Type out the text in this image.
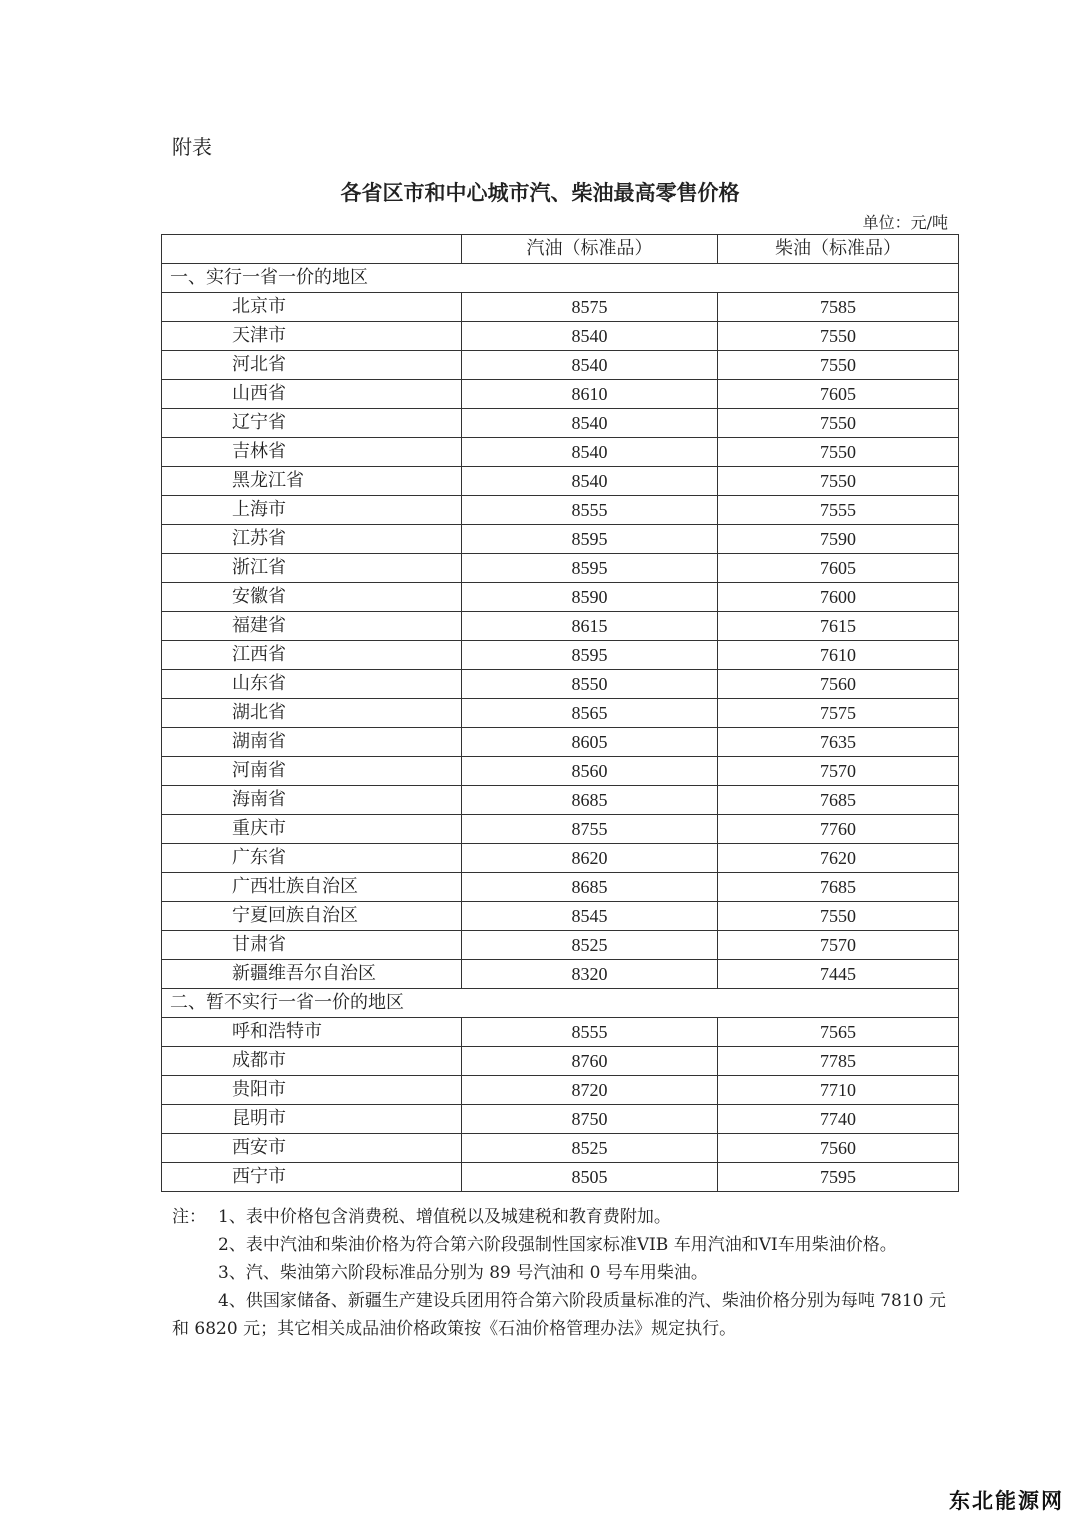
附表
各省区市和中心城市汽、柴油最高零售价格
单位：元/吨
	汽油（标准品）	柴油（标准品）
一、实行一省一价的地区		
北京市	8575	7585
天津市	8540	7550
河北省	8540	7550
山西省	8610	7605
辽宁省	8540	7550
吉林省	8540	7550
黑龙江省	8540	7550
上海市	8555	7555
江苏省	8595	7590
浙江省	8595	7605
安徽省	8590	7600
福建省	8615	7615
江西省	8595	7610
山东省	8550	7560
湖北省	8565	7575
湖南省	8605	7635
河南省	8560	7570
海南省	8685	7685
重庆市	8755	7760
广东省	8620	7620
广西壮族自治区	8685	7685
宁夏回族自治区	8545	7550
甘肃省	8525	7570
新疆维吾尔自治区	8320	7445
二、暂不实行一省一价的地区		
呼和浩特市	8555	7565
成都市	8760	7785
贵阳市	8720	7710
昆明市	8750	7740
西安市	8525	7560
西宁市	8505	7595

注： 1、表中价格包含消费税、增值税以及城建税和教育费附加。

2、表中汽油和柴油价格为符合第六阶段强制性国家标准VIB 车用汽油和VI车用柴油价格。

3、汽、柴油第六阶段标准品分别为 89 号汽油和 0 号车用柴油。

4、供国家储备、新疆生产建设兵团用符合第六阶段质量标准的汽、柴油价格分别为每吨 7810 元和 6820 元；其它相关成品油价格政策按《石油价格管理办法》规定执行。

东北能源网
